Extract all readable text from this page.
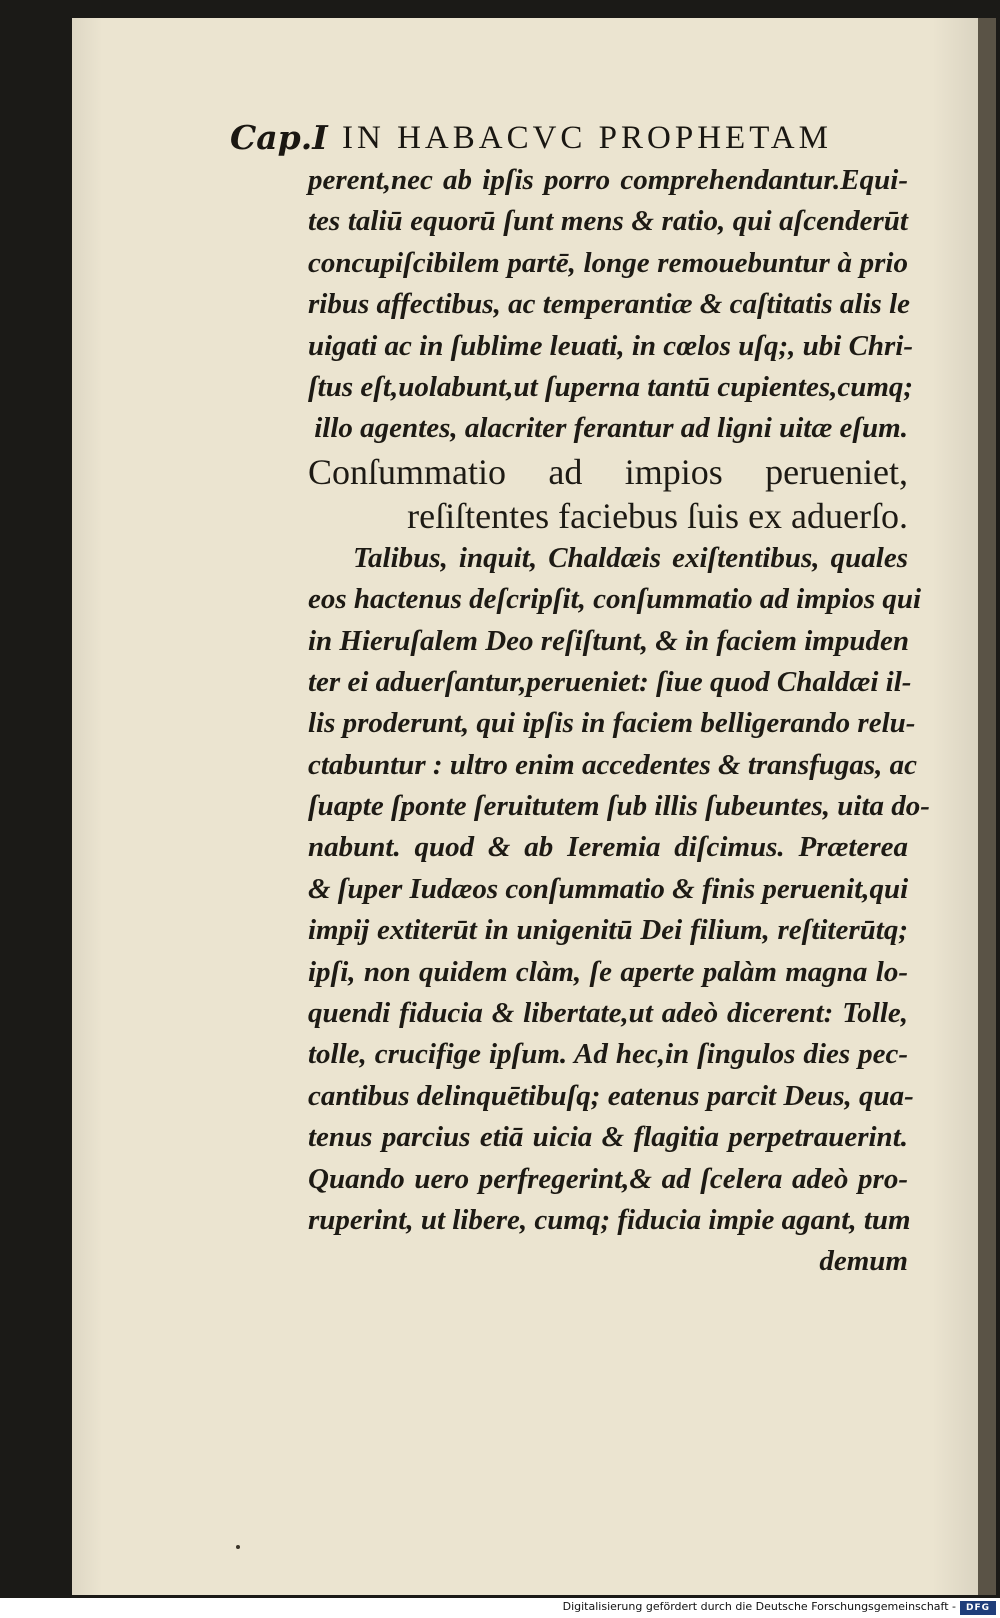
Cap.I IN HABACVC PROPHETAM
perent,nec ab ipſis porro comprehendantur.Equi-
tes taliū equorū ſunt mens & ratio, qui aſcenderūt
concupiſcibilem partē, longe remouebuntur à prio
ribus affectibus, ac temperantiæ & caſtitatis alis le
uigati ac in ſublime leuati, in cœlos uſq;, ubi Chri-
ſtus eſt,uolabunt,ut ſuperna tantū cupientes,cumq;
illo agentes, alacriter ferantur ad ligni uitæ eſum.
Conſummatio ad impios perueniet,
reſiſtentes faciebus ſuis ex aduerſo.
Talibus, inquit, Chaldæis exiſtentibus, quales
eos hactenus deſcripſit, conſummatio ad impios qui
in Hieruſalem Deo reſiſtunt, & in faciem impuden
ter ei aduerſantur,perueniet: ſiue quod Chaldæi il-
lis proderunt, qui ipſis in faciem belligerando relu-
ctabuntur : ultro enim accedentes & transfugas, ac
ſuapte ſponte ſeruitutem ſub illis ſubeuntes, uita do-
nabunt. quod & ab Ieremia diſcimus. Præterea
& ſuper Iudæos conſummatio & finis peruenit,qui
impij extiterūt in unigenitū Dei filium, reſtiterūtq;
ipſi, non quidem clàm, ſe aperte palàm magna lo-
quendi fiducia & libertate,ut adeò dicerent: Tolle,
tolle, crucifige ipſum. Ad hec,in ſingulos dies pec-
cantibus delinquētibuſq; eatenus parcit Deus, qua-
tenus parcius etiā uicia & flagitia perpetrauerint.
Quando uero perfregerint,& ad ſcelera adeò pro-
ruperint, ut libere, cumq; fiducia impie agant, tum
demum
Digitalisierung gefördert durch die Deutsche Forschungsgemeinschaft -	DFG
